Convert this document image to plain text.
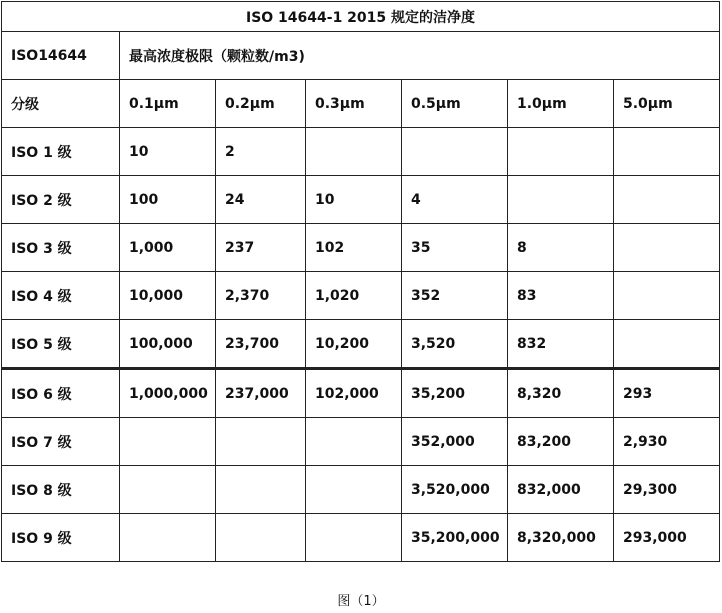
ISO 14644-1 2015 规定的洁净度						
ISO14644	最高浓度极限（颗粒数/m3)					
分级	0.1μm	0.2μm	0.3μm	0.5μm	1.0μm	5.0μm
ISO 1 级	10	2				
ISO 2 级	100	24	10	4		
ISO 3 级	1,000	237	102	35	8	
ISO 4 级	10,000	2,370	1,020	352	83	
ISO 5 级	100,000	23,700	10,200	3,520	832	
ISO 6 级	1,000,000	237,000	102,000	35,200	8,320	293
ISO 7 级				352,000	83,200	2,930
ISO 8 级				3,520,000	832,000	29,300
ISO 9 级				35,200,000	8,320,000	293,000
图（1）
